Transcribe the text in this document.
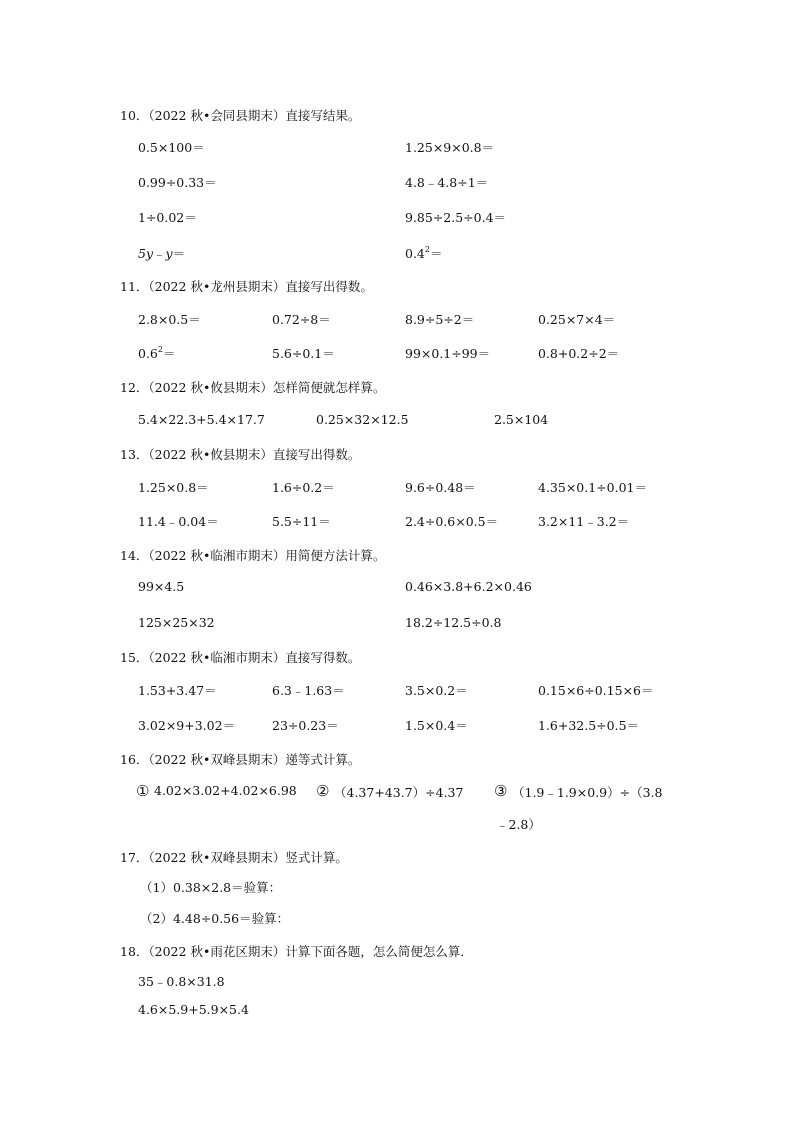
10．（2022 秋•会同县期末）直接写结果。
0.5×100＝	1.25×9×0.8＝
0.99÷0.33＝	4.8﹣4.8÷1＝
1÷0.02＝	9.85÷2.5÷0.4＝
5y﹣y＝	$0.4^2=$
11．（2022 秋•龙州县期末）直接写出得数。
2.8×0.5＝	0.72÷8＝	8.9÷5÷2＝	0.25×7×4＝
$0.6^2=$	5.6÷0.1＝	99×0.1÷99＝	0.8+0.2÷2＝
12．（2022 秋•攸县期末）怎样简便就怎样算。
5.4×22.3+5.4×17.7	0.25×32×12.5	2.5×104
13．（2022 秋•攸县期末）直接写出得数。
1.25×0.8＝	1.6÷0.2＝	9.6÷0.48＝	4.35×0.1÷0.01＝
11.4﹣0.04＝	5.5÷11＝	2.4÷0.6×0.5＝	3.2×11﹣3.2＝
14．（2022 秋•临湘市期末）用简便方法计算。
99×4.5	0.46×3.8+6.2×0.46
125×25×32	18.2÷12.5÷0.8
15．（2022 秋•临湘市期末）直接写得数。
1.53+3.47＝	6.3﹣1.63＝	3.5×0.2＝	0.15×6÷0.15×6＝
3.02×9+3.02＝	23÷0.23＝	1.5×0.4＝	1.6+32.5÷0.5＝
16．（2022 秋•双峰县期末）递等式计算。
① 4.02×3.02+4.02×6.98 ② （4.37+43.7）÷4.37 ③ （1.9﹣1.9×0.9）÷（3.8
﹣2.8）
17．（2022 秋•双峰县期末）竖式计算。
（1）0.38×2.8＝验算：
（2）4.48÷0.56＝验算：
18．（2022 秋•雨花区期末）计算下面各题，怎么简便怎么算．
35﹣0.8×31.8
4.6×5.9+5.9×5.4
